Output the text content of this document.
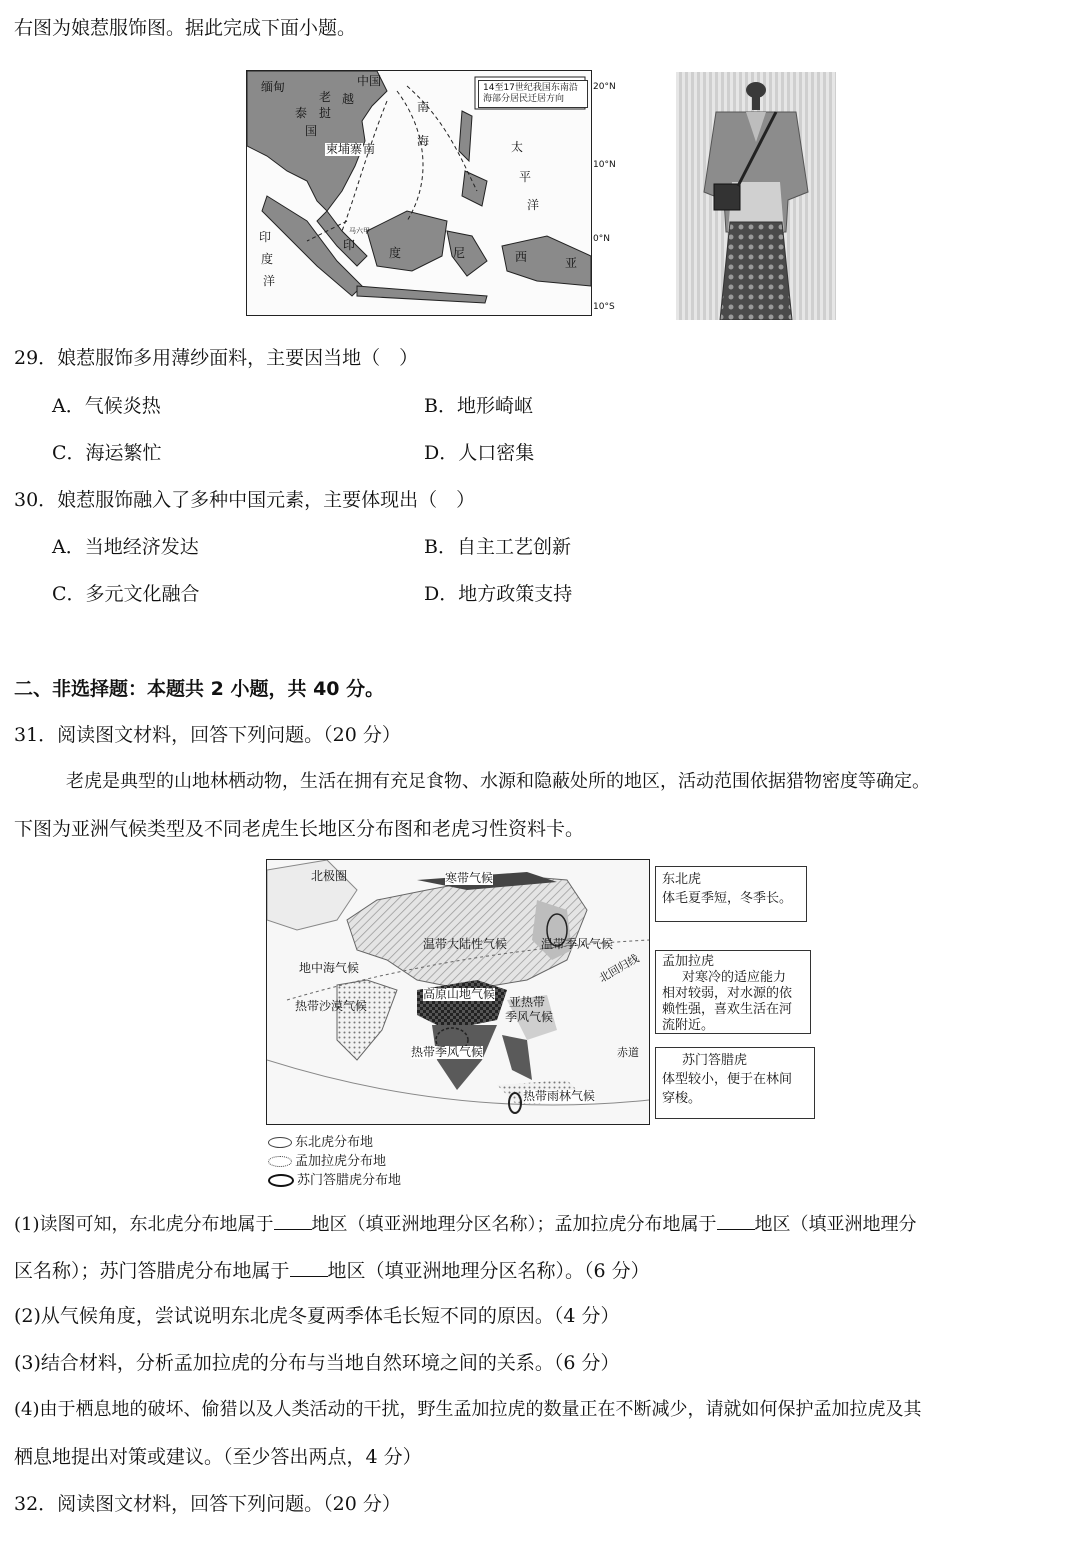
右图为娘惹服饰图。据此完成下面小题。
14至17世纪我国东南沿海部分居民迁居方向
缅甸	中国
越
老
挝
泰
国
柬埔寨 南
南
海	太
平
洋
印
度
洋
印
度	尼	西	亚
马六甲
20°N
10°N
0°N
10°S
29．娘惹服饰多用薄纱面料，主要因当地（　）
A．气候炎热	B．地形崎岖
C．海运繁忙	D．人口密集
30．娘惹服饰融入了多种中国元素，主要体现出（　）
A．当地经济发达	B．自主工艺创新
C．多元文化融合	D．地方政策支持
二、非选择题：本题共 2 小题，共 40 分。
31．阅读图文材料，回答下列问题。（20 分）
老虎是典型的山地林栖动物，生活在拥有充足食物、水源和隐蔽处所的地区，活动范围依据猎物密度等确定。
下图为亚洲气候类型及不同老虎生长地区分布图和老虎习性资料卡。
北极圈	寒带气候
温带大陆性气候	温带季风气候
地中海气候
高原山地气候
亚热带
季风气候
热带沙漠气候
热带季风气候
热带雨林气候
北回归线
赤道
东北虎
体毛夏季短，冬季长。
孟加拉虎
对寒冷的适应能力
相对较弱，对水源的依
赖性强，喜欢生活在河
流附近。
苏门答腊虎
体型较小，便于在林间
穿梭。
东北虎分布地
孟加拉虎分布地
苏门答腊虎分布地
(1)读图可知，东北虎分布地属于 地区（填亚洲地理分区名称）；孟加拉虎分布地属于 地区（填亚洲地理分
区名称）；苏门答腊虎分布地属于 地区（填亚洲地理分区名称）。（6 分）
(2)从气候角度，尝试说明东北虎冬夏两季体毛长短不同的原因。（4 分）
(3)结合材料，分析孟加拉虎的分布与当地自然环境之间的关系。（6 分）
(4)由于栖息地的破坏、偷猎以及人类活动的干扰，野生孟加拉虎的数量正在不断减少，请就如何保护孟加拉虎及其
栖息地提出对策或建议。（至少答出两点，4 分）
32．阅读图文材料，回答下列问题。（20 分）
